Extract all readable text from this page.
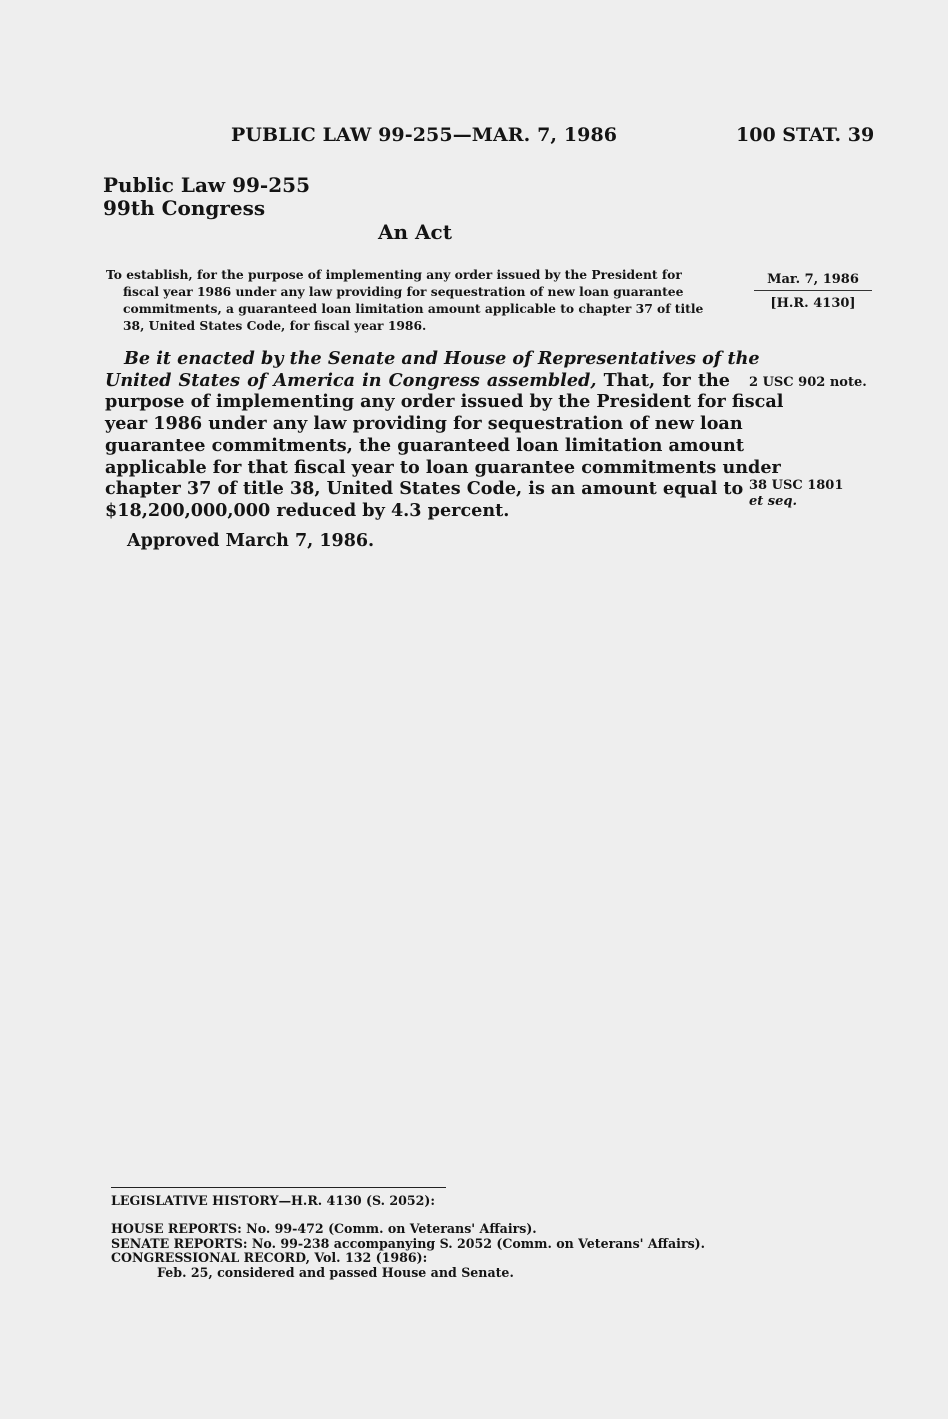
PUBLIC LAW 99-255—MAR. 7, 1986	100 STAT. 39
Public Law 99-255
99th Congress
An Act
To establish, for the purpose of implementing any order issued by the President for
fiscal year 1986 under any law providing for sequestration of new loan guarantee
commitments, a guaranteed loan limitation amount applicable to chapter 37 of title
38, United States Code, for fiscal year 1986.
Mar. 7, 1986
[H.R. 4130]
Be it enacted by the Senate and House of Representatives of the
United States of America in Congress assembled, That, for the
purpose of implementing any order issued by the President for fiscal
year 1986 under any law providing for sequestration of new loan
guarantee commitments, the guaranteed loan limitation amount
applicable for that fiscal year to loan guarantee commitments under
chapter 37 of title 38, United States Code, is an amount equal to
$18,200,000,000 reduced by 4.3 percent.
2 USC 902 note.
38 USC 1801
et seq.
Approved March 7, 1986.
LEGISLATIVE HISTORY—H.R. 4130 (S. 2052):
HOUSE REPORTS: No. 99-472 (Comm. on Veterans' Affairs).
SENATE REPORTS: No. 99-238 accompanying S. 2052 (Comm. on Veterans' Affairs).
CONGRESSIONAL RECORD, Vol. 132 (1986):
Feb. 25, considered and passed House and Senate.
